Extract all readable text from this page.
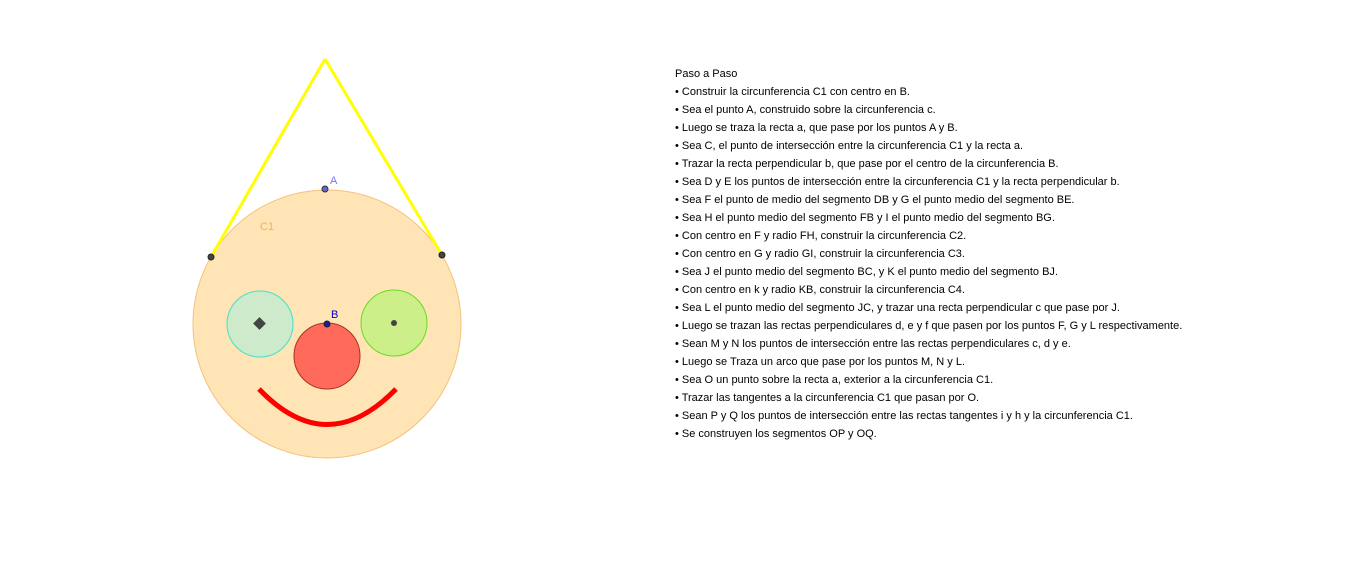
A
B
C1
Paso a Paso
• Construir la circunferencia C1 con centro en B.
• Sea el punto A, construido sobre la circunferencia c.
• Luego se traza la recta a, que pase por los puntos A y B.
• Sea C, el punto de intersección entre la circunferencia C1 y la recta a.
• Trazar la recta perpendicular b, que pase por el centro de la circunferencia B.
• Sea D y E los puntos de intersección entre la circunferencia C1 y la recta perpendicular b.
• Sea F el punto de medio del segmento DB y G el punto medio del segmento BE.
• Sea H el punto medio del segmento FB y I el punto medio del segmento BG.
• Con centro en F y radio FH, construir la circunferencia C2.
• Con centro en G y radio GI, construir la circunferencia C3.
• Sea J el punto medio del segmento BC, y K el punto medio del segmento BJ.
• Con centro en k y radio KB, construir la circunferencia C4.
• Sea L el punto medio del segmento JC, y trazar una recta perpendicular c que pase por J.
• Luego se trazan las rectas perpendiculares d, e y f que pasen por los puntos F, G y L respectivamente.
• Sean M y N los puntos de intersección entre las rectas perpendiculares c, d y e.
• Luego se Traza un arco que pase por los puntos M, N y L.
• Sea O un punto sobre la recta a, exterior a la circunferencia C1.
• Trazar las tangentes a la circunferencia C1 que pasan por O.
• Sean P y Q los puntos de intersección entre las rectas tangentes i y h y la circunferencia C1.
• Se construyen los segmentos OP y OQ.
